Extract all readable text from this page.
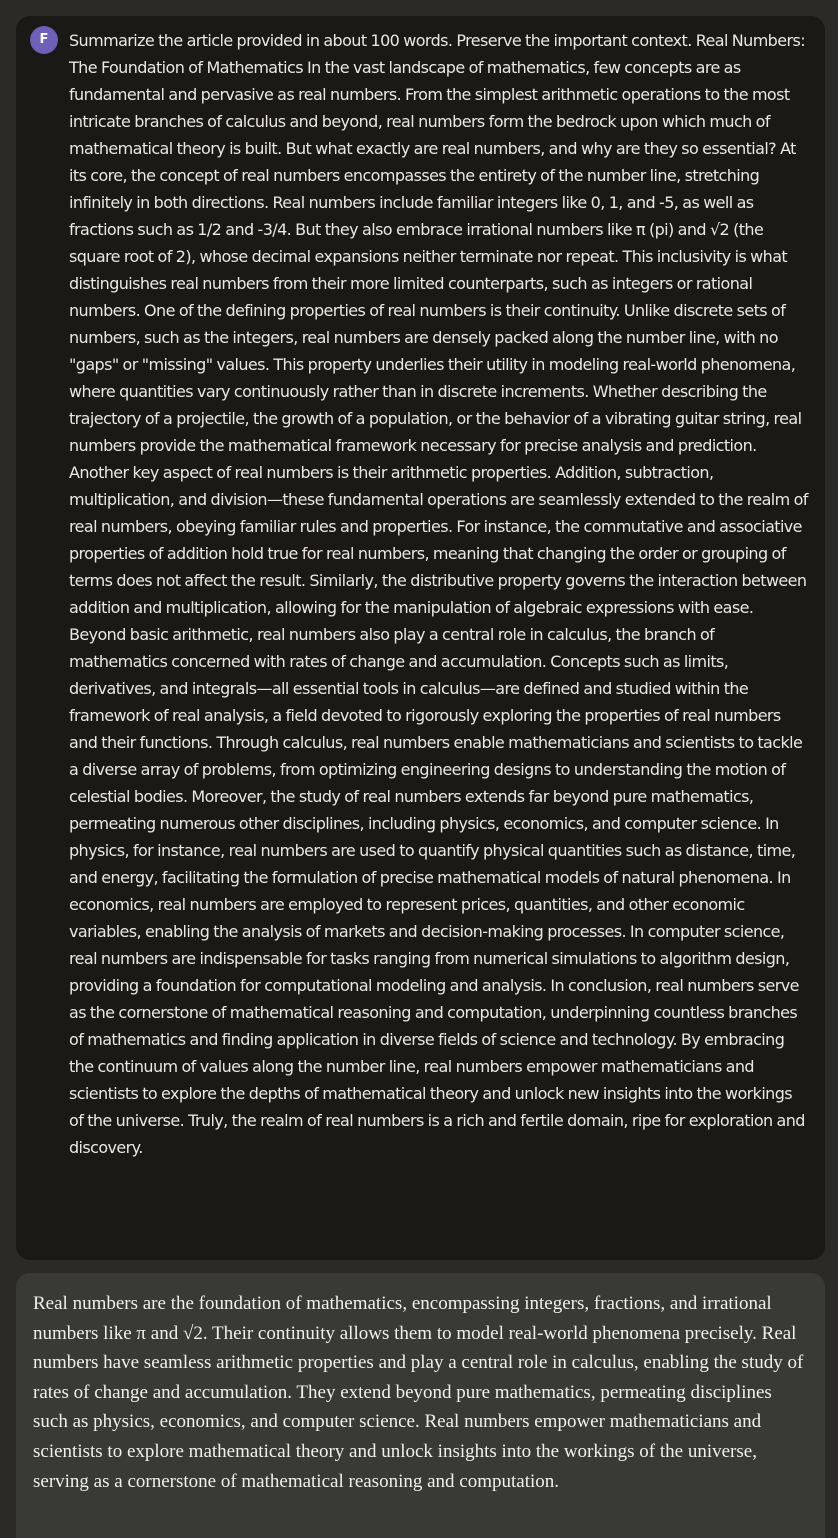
F	Summarize the article provided in about 100 words. Preserve the important context. Real Numbers: The Foundation of Mathematics In the vast landscape of mathematics, few concepts are as fundamental and pervasive as real numbers. From the simplest arithmetic operations to the most intricate branches of calculus and beyond, real numbers form the bedrock upon which much of mathematical theory is built. But what exactly are real numbers, and why are they so essential? At its core, the concept of real numbers encompasses the entirety of the number line, stretching infinitely in both directions. Real numbers include familiar integers like 0, 1, and -5, as well as fractions such as 1/2 and -3/4. But they also embrace irrational numbers like π (pi) and √2 (the square root of 2), whose decimal expansions neither terminate nor repeat. This inclusivity is what distinguishes real numbers from their more limited counterparts, such as integers or rational numbers. One of the defining properties of real numbers is their continuity. Unlike discrete sets of numbers, such as the integers, real numbers are densely packed along the number line, with no "gaps" or "missing" values. This property underlies their utility in modeling real-world phenomena, where quantities vary continuously rather than in discrete increments. Whether describing the trajectory of a projectile, the growth of a population, or the behavior of a vibrating guitar string, real numbers provide the mathematical framework necessary for precise analysis and prediction. Another key aspect of real numbers is their arithmetic properties. Addition, subtraction, multiplication, and division—these fundamental operations are seamlessly extended to the realm of real numbers, obeying familiar rules and properties. For instance, the commutative and associative properties of addition hold true for real numbers, meaning that changing the order or grouping of terms does not affect the result. Similarly, the distributive property governs the interaction between addition and multiplication, allowing for the manipulation of algebraic expressions with ease. Beyond basic arithmetic, real numbers also play a central role in calculus, the branch of mathematics concerned with rates of change and accumulation. Concepts such as limits, derivatives, and integrals—all essential tools in calculus—are defined and studied within the framework of real analysis, a field devoted to rigorously exploring the properties of real numbers and their functions. Through calculus, real numbers enable mathematicians and scientists to tackle a diverse array of problems, from optimizing engineering designs to understanding the motion of celestial bodies. Moreover, the study of real numbers extends far beyond pure mathematics, permeating numerous other disciplines, including physics, economics, and computer science. In physics, for instance, real numbers are used to quantify physical quantities such as distance, time, and energy, facilitating the formulation of precise mathematical models of natural phenomena. In economics, real numbers are employed to represent prices, quantities, and other economic variables, enabling the analysis of markets and decision-making processes. In computer science, real numbers are indispensable for tasks ranging from numerical simulations to algorithm design, providing a foundation for computational modeling and analysis. In conclusion, real numbers serve as the cornerstone of mathematical reasoning and computation, underpinning countless branches of mathematics and finding application in diverse fields of science and technology. By embracing the continuum of values along the number line, real numbers empower mathematicians and scientists to explore the depths of mathematical theory and unlock new insights into the workings of the universe. Truly, the realm of real numbers is a rich and fertile domain, ripe for exploration and discovery.

Real numbers are the foundation of mathematics, encompassing integers, fractions, and irrational numbers like π and √2. Their continuity allows them to model real-world phenomena precisely. Real numbers have seamless arithmetic properties and play a central role in calculus, enabling the study of rates of change and accumulation. They extend beyond pure mathematics, permeating disciplines such as physics, economics, and computer science. Real numbers empower mathematicians and scientists to explore mathematical theory and unlock insights into the workings of the universe, serving as a cornerstone of mathematical reasoning and computation.
